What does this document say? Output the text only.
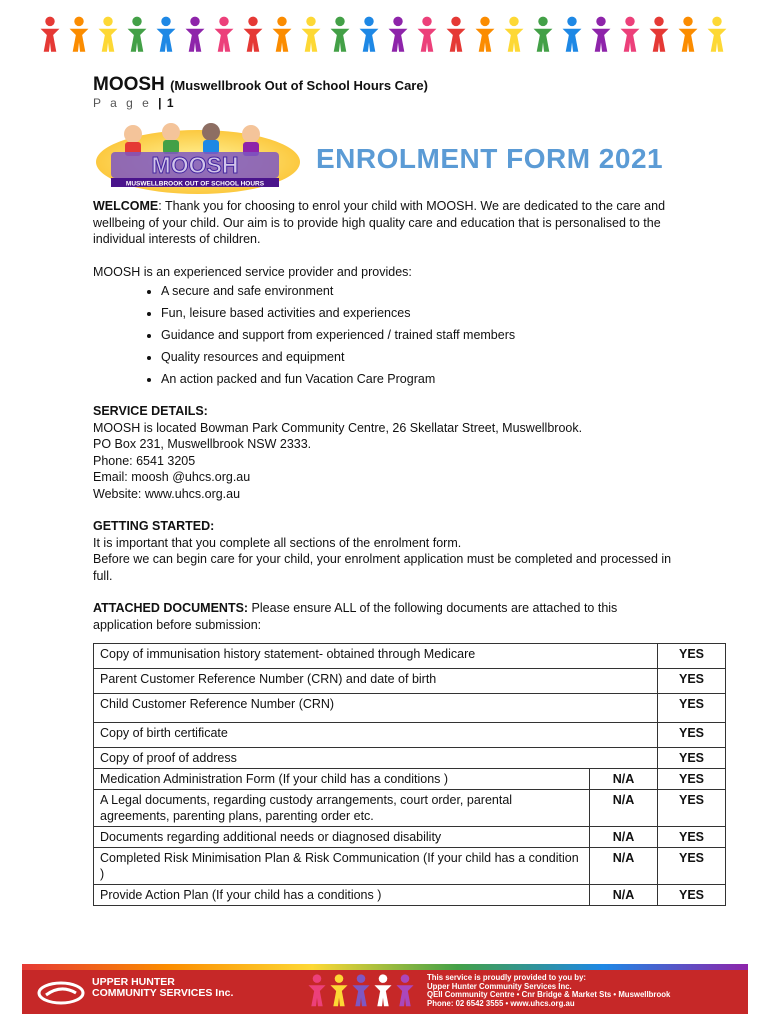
MOOSH (Muswellbrook Out of School Hours Care)
P a g e | 1
MOOSH
MUSWELLBROOK OUT OF SCHOOL HOURS
ENROLMENT FORM 2021

WELCOME: Thank you for choosing to enrol your child with MOOSH. We are dedicated to the care and wellbeing of your child. Our aim is to provide high quality care and education that is personalised to the individual interests of children.

MOOSH is an experienced service provider and provides:

• A secure and safe environment
• Fun, leisure based activities and experiences
• Guidance and support from experienced / trained staff members
• Quality resources and equipment
• An action packed and fun Vacation Care Program

SERVICE DETAILS:

MOOSH is located Bowman Park Community Centre, 26 Skellatar Street, Muswellbrook.

PO Box 231, Muswellbrook NSW 2333.

Phone: 6541 3205

Email: moosh @uhcs.org.au

Website: www.uhcs.org.au

GETTING STARTED:

It is important that you complete all sections of the enrolment form.

Before we can begin care for your child, your enrolment application must be completed and processed in full.

ATTACHED DOCUMENTS: Please ensure ALL of the following documents are attached to this application before submission:

Copy of immunisation history statement- obtained through Medicare		YES
Parent Customer Reference Number (CRN) and date of birth		YES
Child Customer Reference Number (CRN)		YES
Copy of birth certificate		YES
Copy of proof of address		YES
Medication Administration Form (If your child has a conditions )	N/A	YES
A Legal documents, regarding custody arrangements, court order, parental agreements, parenting plans, parenting order etc.	N/A	YES
Documents regarding additional needs or diagnosed disability	N/A	YES
Completed Risk Minimisation Plan & Risk Communication (If your child has a condition )	N/A	YES
Provide Action Plan (If your child has a conditions )	N/A	YES
UPPER HUNTER
COMMUNITY SERVICES Inc.
This service is proudly provided to you by:
Upper Hunter Community Services Inc.
QEII Community Centre • Cnr Bridge & Market Sts • Muswellbrook
Phone: 02 6542 3555 • www.uhcs.org.au
